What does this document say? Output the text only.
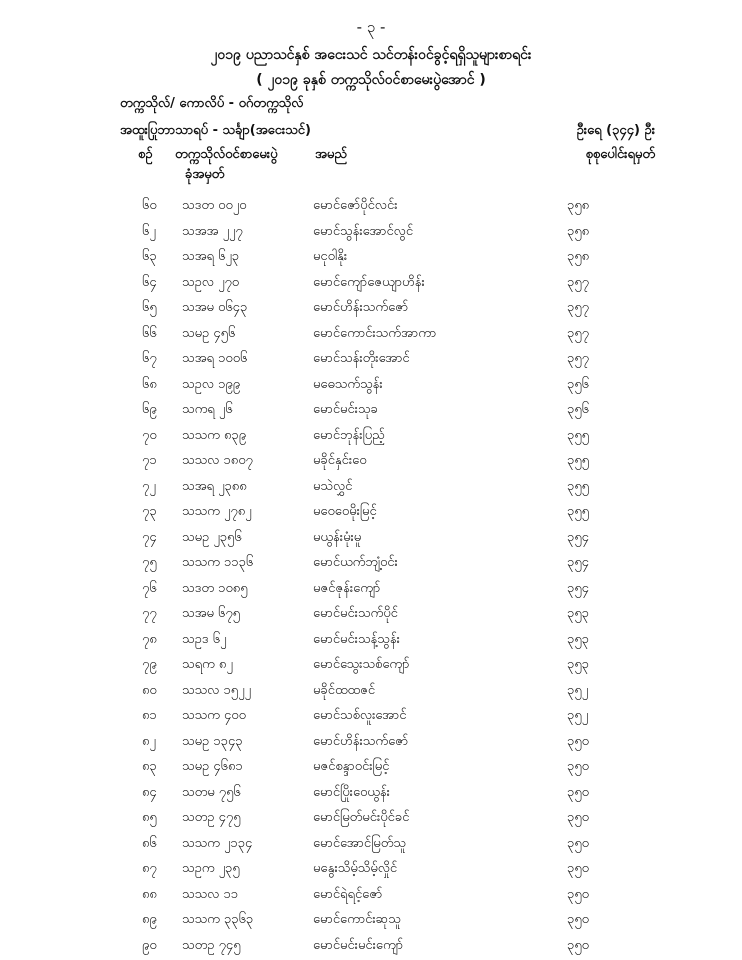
- ၃ -
၂၀၁၉ ပညာသင်နှစ် အငေးသင် သင်တန်းဝင်ခွင့်ရရှိသူများစာရင်း
( ၂၀၁၉ ခုနှစ် တက္ကသိုလ်ဝင်စာမေးပွဲအောင် )
တက္ကသိုလ်/ ကောလိပ် - ဝဂ်တက္ကသိုလ်
အထူးပြုဘာသာရပ် - သင်္ချာ(အငေးသင်)	ဦးရေ (၃၄၄) ဦး
စဉ် တက္ကသိုလ်ဝင်စာမေးပွဲ
ခုံအမှတ်
အမည်	စုစုပေါင်းရမှတ်
၆၀ သဒတ ၀၀၂၀	မောင်ဇော်ပိုင်လင်း	၃၅၈
၆၂ သအအ ၂၂၇	မောင်သွန်းအောင်လွင်	၃၅၈
၆၃ သအရ ၆၂၃	မငုဝါနိုး	၃၅၈
၆၄ သဥလ ၂၇၀	မောင်ကျော်ဇေယျာဟိန်း	၃၅၇
၆၅ သအမ ၀၆၄၃	မောင်ဟိန်းသက်ဇော်	၃၅၇
၆၆ သမဥ ၄၅၆	မောင်ကောင်းသက်အာကာ	၃၅၇
၆၇ သအရ ၁၀၀၆	မောင်သန်းတိုးအောင်	၃၅၇
၆၈ သဥလ ၁၉၉	မဓေသက်သွန်း	၃၅၆
၆၉ သကရ ၂၆	မောင်မင်းသုခ	၃၅၆
၇၀ သသက ၈၃၉	မောင်ဘုန်းပြည့်	၃၅၅
၇၁ သသလ ၁၈၀၇	မခိုင်နှင်းဝေ	၃၅၅
၇၂ သအရ ၂၃၈၈	မသဲလွှင်	၃၅၅
၇၃ သသက ၂၇၈၂	မဝေဝေမိုးမြင့်	၃၅၅
၇၄ သမဥ ၂၃၅၆	မယွန်းမုံးမူ	၃၅၄
၇၅ သသက ၁၁၃၆	မောင်ယက်ဘျံ့ဝင်း	၃၅၄
၇၆ သဒတ ၁၀၈၅	မဇင်ဇုန်းကျော်	၃၅၄
၇၇ သအမ ၆၇၅	မောင်မင်းသက်ပိုင်	၃၅၃
၇၈ သဥဒ ၆၂	မောင်မင်းသန့်သွန်း	၃၅၃
၇၉ သရက ၈၂	မောင်သွေးသစ်ကျော်	၃၅၃
၈၀ သသလ ၁၅၂၂	မခိုင်ထထဇင်	၃၅၂
၈၁ သသက ၄၀၀	မောင်သစ်လူးအောင်	၃၅၂
၈၂ သမဥ ၁၃၄၃	မောင်ဟိန်းသက်ဇော်	၃၅၀
၈၃ သမဥ ၄၆၈၁	မဇင်စန္ဒာဝင်းမြင့်	၃၅၀
၈၄ သတမ ၇၅၆	မောင်ပြိုးဝေယွန်း	၃၅၀
၈၅ သတဥ ၄၇၅	မောင်မြတ်မင်းပိုင်ခင်	၃၅၀
၈၆ သသက ၂၁၃၄	မောင်အောင်မြတ်သူ	၃၅၀
၈၇ သဥက ၂၃၅	မနွေးသိမ့်သိမ့်လှိုင်	၃၅၀
၈၈ သသလ ၁၁	မောင်ရဲရင့်ဇော်	၃၅၀
၈၉ သသက ၃၃၆၃	မောင်ကောင်းဆုသူ	၃၅၀
၉၀ သတဥ ၇၄၅	မောင်မင်းမင်းကျော်	၃၅၀
